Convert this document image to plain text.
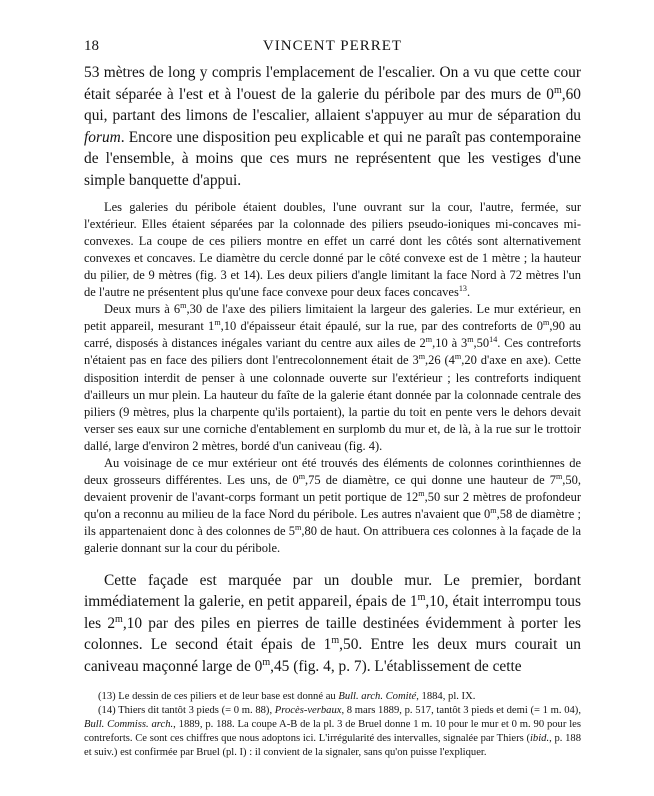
18	VINCENT PERRET

53 mètres de long y compris l'emplacement de l'escalier. On a vu que cette cour était séparée à l'est et à l'ouest de la galerie du péribole par des murs de 0$^m$,60 qui, partant des limons de l'escalier, allaient s'appuyer au mur de séparation du forum. Encore une disposition peu explicable et qui ne paraît pas contemporaine de l'ensemble, à moins que ces murs ne représentent que les vestiges d'une simple banquette d'appui.

Les galeries du péribole étaient doubles, l'une ouvrant sur la cour, l'autre, fermée, sur l'extérieur. Elles étaient séparées par la colonnade des piliers pseudo-ioniques mi-concaves mi-convexes. La coupe de ces piliers montre en effet un carré dont les côtés sont alternativement convexes et concaves. Le diamètre du cercle donné par le côté convexe est de 1 mètre ; la hauteur du pilier, de 9 mètres (fig. 3 et 14). Les deux piliers d'angle limitant la face Nord à 72 mètres l'un de l'autre ne présentent plus qu'une face convexe pour deux faces concaves$^{13}$.

Deux murs à 6$^m$,30 de l'axe des piliers limitaient la largeur des galeries. Le mur extérieur, en petit appareil, mesurant 1$^m$,10 d'épaisseur était épaulé, sur la rue, par des contreforts de 0$^m$,90 au carré, disposés à distances inégales variant du centre aux ailes de 2$^m$,10 à $3^m,50^{14}$. Ces contreforts n'étaient pas en face des piliers dont l'entrecolonnement était de 3$^m$,26 (4$^m$,20 d'axe en axe). Cette disposition interdit de penser à une colonnade ouverte sur l'extérieur ; les contreforts indiquent d'ailleurs un mur plein. La hauteur du faîte de la galerie étant donnée par la colonnade centrale des piliers (9 mètres, plus la charpente qu'ils portaient), la partie du toit en pente vers le dehors devait verser ses eaux sur une corniche d'entablement en surplomb du mur et, de là, à la rue sur le trottoir dallé, large d'environ 2 mètres, bordé d'un caniveau (fig. 4).

Au voisinage de ce mur extérieur ont été trouvés des éléments de colonnes corinthiennes de deux grosseurs différentes. Les uns, de 0$^m$,75 de diamètre, ce qui donne une hauteur de 7$^m$,50, devaient provenir de l'avant-corps formant un petit portique de 12$^m$,50 sur 2 mètres de profondeur qu'on a reconnu au milieu de la face Nord du péribole. Les autres n'avaient que 0$^m$,58 de diamètre ; ils appartenaient donc à des colonnes de 5$^m$,80 de haut. On attribuera ces colonnes à la façade de la galerie donnant sur la cour du péribole.

Cette façade est marquée par un double mur. Le premier, bordant immédiatement la galerie, en petit appareil, épais de 1$^m$,10, était interrompu tous les 2$^m$,10 par des piles en pierres de taille destinées évidemment à porter les colonnes. Le second était épais de 1$^m$,50. Entre les deux murs courait un caniveau maçonné large de 0$^m$,45 (fig. 4, p. 7). L'établissement de cette

(13) Le dessin de ces piliers et de leur base est donné au Bull. arch. Comité, 1884, pl. IX.

(14) Thiers dit tantôt 3 pieds (= 0 m. 88), Procès-verbaux, 8 mars 1889, p. 517, tantôt 3 pieds et demi (= 1 m. 04), Bull. Commiss. arch., 1889, p. 188. La coupe A-B de la pl. 3 de Bruel donne 1 m. 10 pour le mur et 0 m. 90 pour les contreforts. Ce sont ces chiffres que nous adoptons ici. L'irrégularité des intervalles, signalée par Thiers (ibid., p. 188 et suiv.) est confirmée par Bruel (pl. I) : il convient de la signaler, sans qu'on puisse l'expliquer.
